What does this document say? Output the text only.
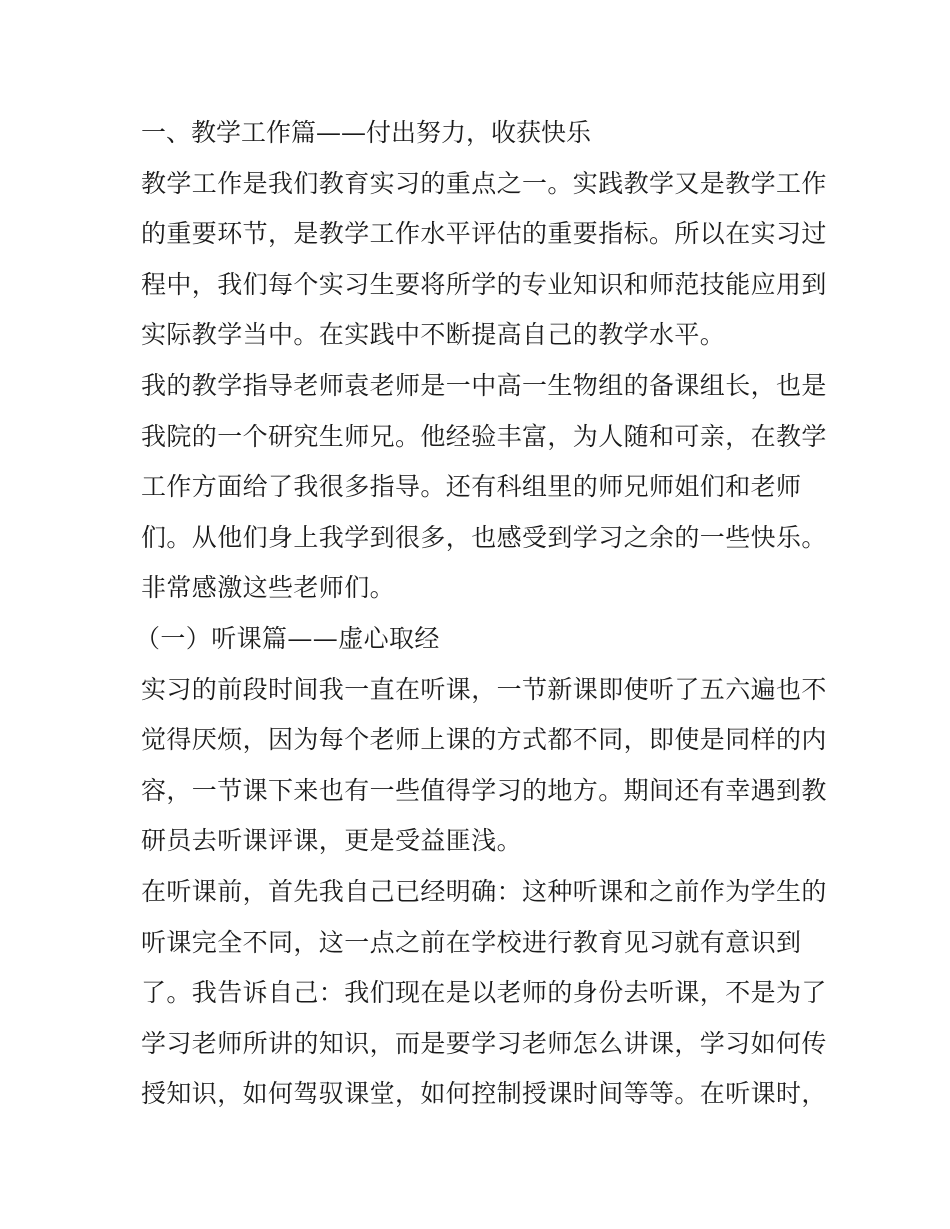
一、教学工作篇——付出努力，收获快乐
教学工作是我们教育实习的重点之一。实践教学又是教学工作
的重要环节，是教学工作水平评估的重要指标。所以在实习过
程中，我们每个实习生要将所学的专业知识和师范技能应用到
实际教学当中。在实践中不断提高自己的教学水平。
我的教学指导老师袁老师是一中高一生物组的备课组长，也是
我院的一个研究生师兄。他经验丰富，为人随和可亲，在教学
工作方面给了我很多指导。还有科组里的师兄师姐们和老师
们。从他们身上我学到很多，也感受到学习之余的一些快乐。
非常感激这些老师们。
（一）听课篇——虚心取经
实习的前段时间我一直在听课，一节新课即使听了五六遍也不
觉得厌烦，因为每个老师上课的方式都不同，即使是同样的内
容，一节课下来也有一些值得学习的地方。期间还有幸遇到教
研员去听课评课，更是受益匪浅。
在听课前，首先我自己已经明确：这种听课和之前作为学生的
听课完全不同，这一点之前在学校进行教育见习就有意识到
了。我告诉自己：我们现在是以老师的身份去听课，不是为了
学习老师所讲的知识，而是要学习老师怎么讲课，学习如何传
授知识，如何驾驭课堂，如何控制授课时间等等。在听课时，
